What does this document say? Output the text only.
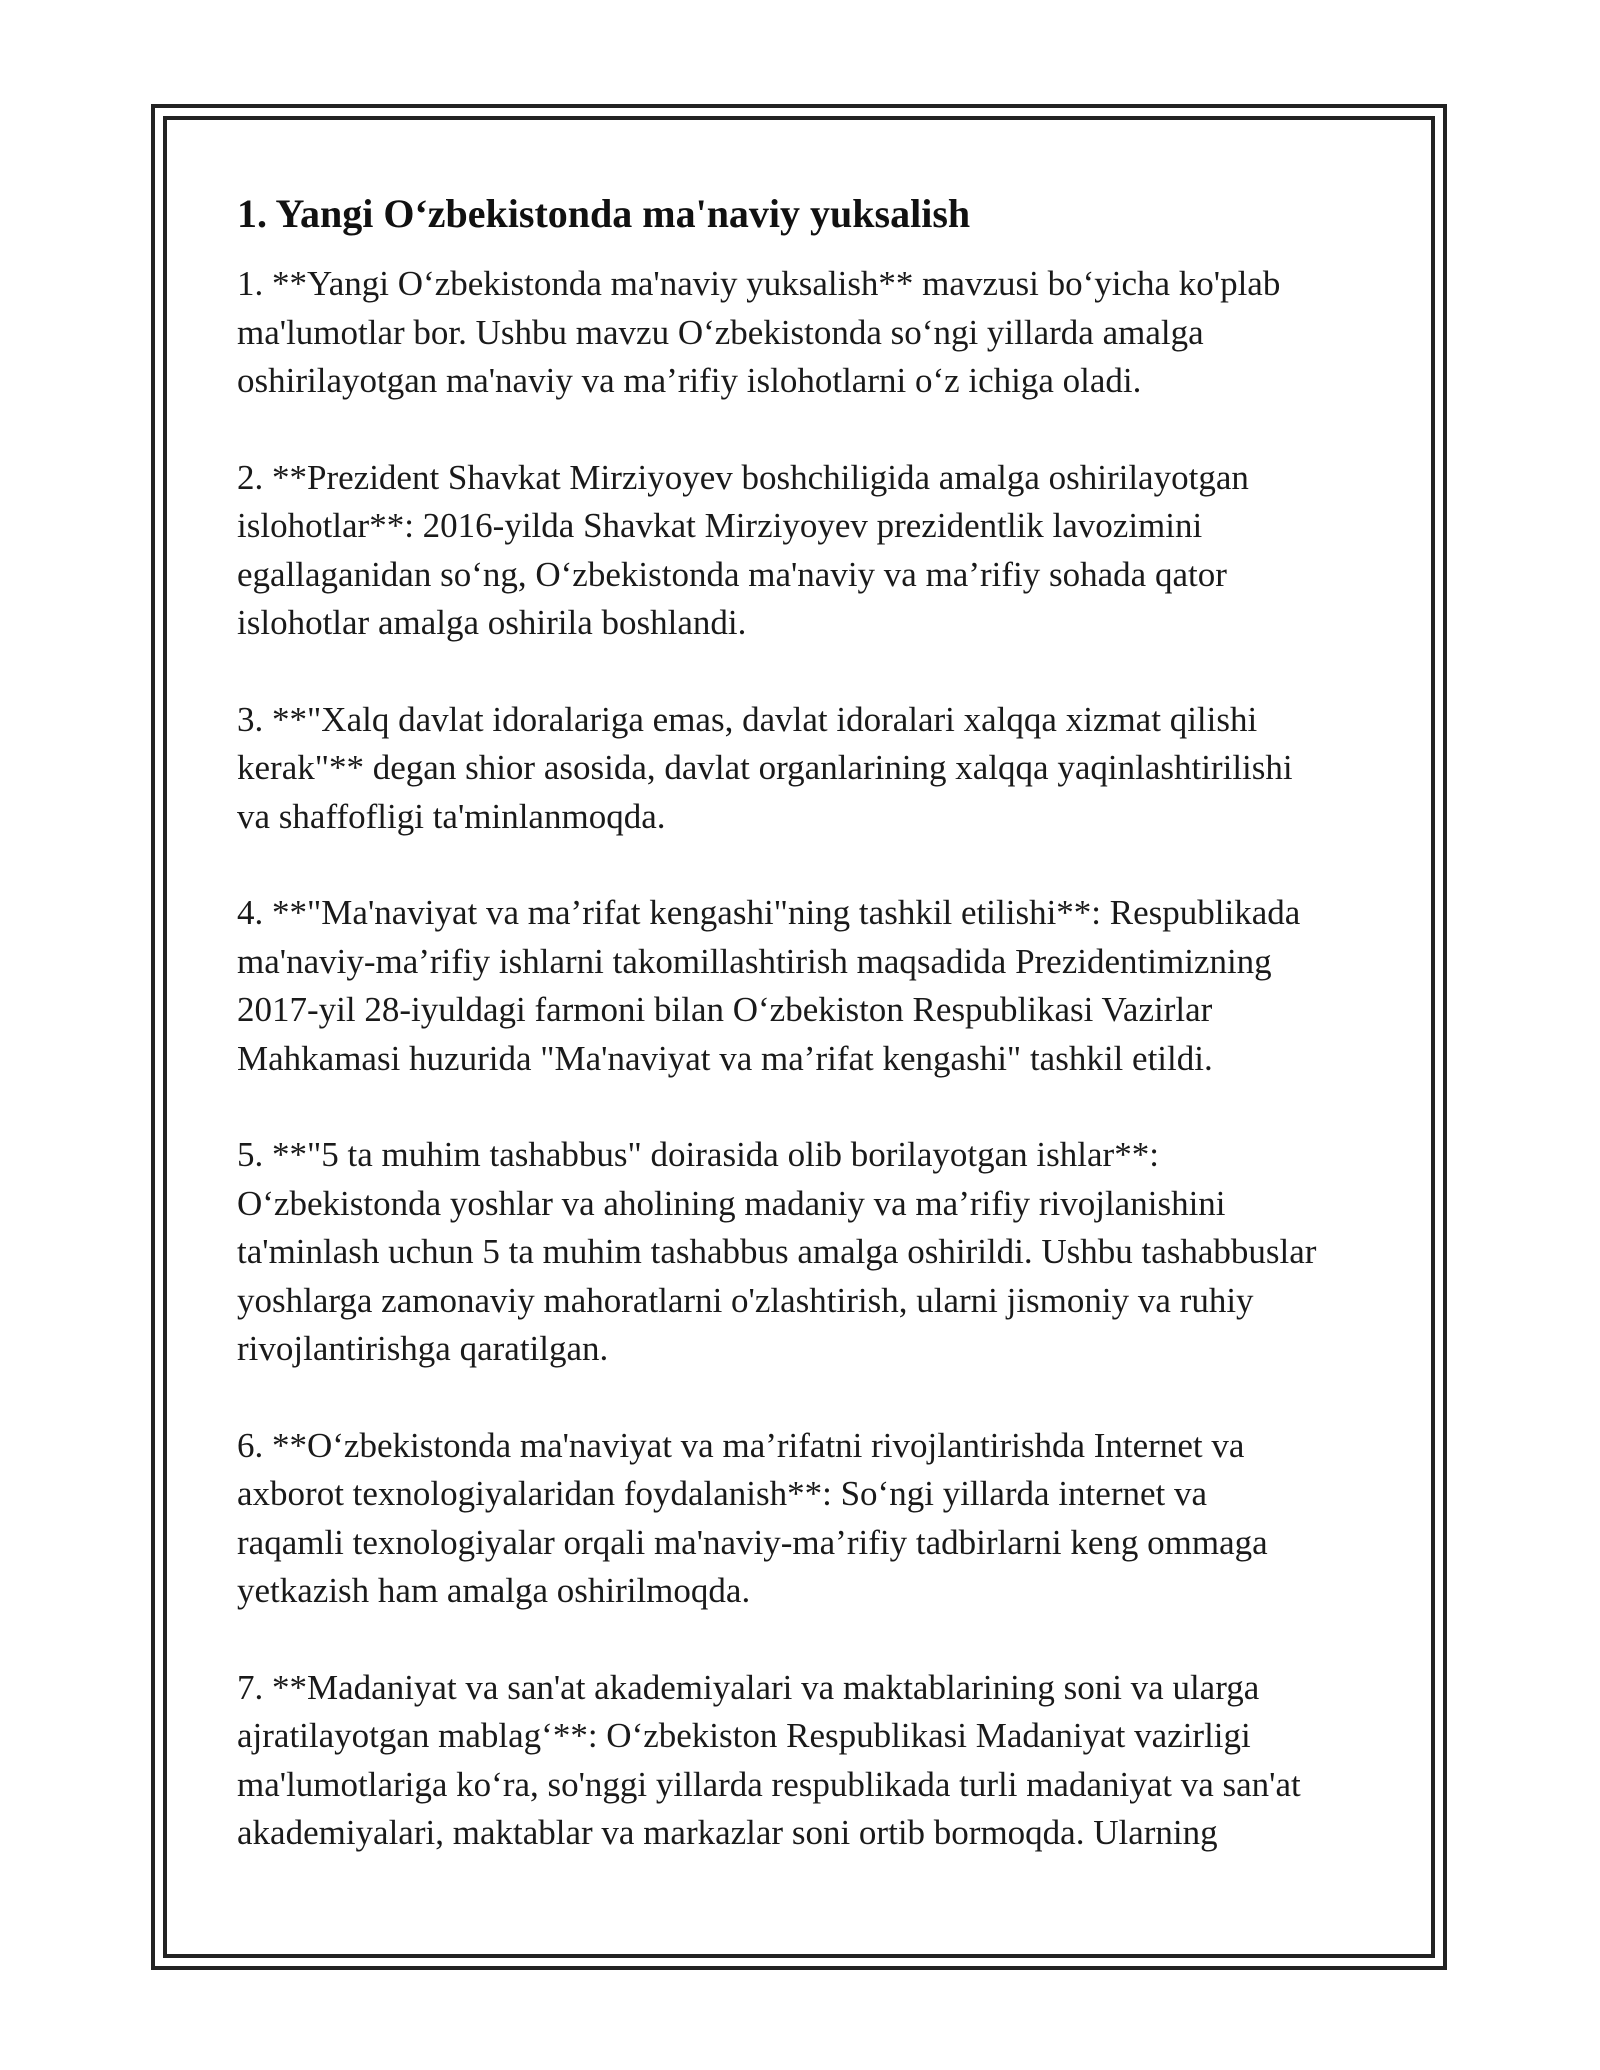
1. Yangi O‘zbekistonda ma'naviy yuksalish
1. **Yangi O‘zbekistonda ma'naviy yuksalish** mavzusi bo‘yicha ko'plab
ma'lumotlar bor. Ushbu mavzu O‘zbekistonda so‘ngi yillarda amalga
oshirilayotgan ma'naviy va ma’rifiy islohotlarni o‘z ichiga oladi.
2. **Prezident Shavkat Mirziyoyev boshchiligida amalga oshirilayotgan
islohotlar**: 2016-yilda Shavkat Mirziyoyev prezidentlik lavozimini
egallaganidan so‘ng, O‘zbekistonda ma'naviy va ma’rifiy sohada qator
islohotlar amalga oshirila boshlandi.
3. **"Xalq davlat idoralariga emas, davlat idoralari xalqqa xizmat qilishi
kerak"** degan shior asosida, davlat organlarining xalqqa yaqinlashtirilishi
va shaffofligi ta'minlanmoqda.
4. **"Ma'naviyat va ma’rifat kengashi"ning tashkil etilishi**: Respublikada
ma'naviy-ma’rifiy ishlarni takomillashtirish maqsadida Prezidentimizning
2017-yil 28-iyuldagi farmoni bilan O‘zbekiston Respublikasi Vazirlar
Mahkamasi huzurida "Ma'naviyat va ma’rifat kengashi" tashkil etildi.
5. **"5 ta muhim tashabbus" doirasida olib borilayotgan ishlar**:
O‘zbekistonda yoshlar va aholining madaniy va ma’rifiy rivojlanishini
ta'minlash uchun 5 ta muhim tashabbus amalga oshirildi. Ushbu tashabbuslar
yoshlarga zamonaviy mahoratlarni o'zlashtirish, ularni jismoniy va ruhiy
rivojlantirishga qaratilgan.
6. **O‘zbekistonda ma'naviyat va ma’rifatni rivojlantirishda Internet va
axborot texnologiyalaridan foydalanish**: So‘ngi yillarda internet va
raqamli texnologiyalar orqali ma'naviy-ma’rifiy tadbirlarni keng ommaga
yetkazish ham amalga oshirilmoqda.
7. **Madaniyat va san'at akademiyalari va maktablarining soni va ularga
ajratilayotgan mablag‘**: O‘zbekiston Respublikasi Madaniyat vazirligi
ma'lumotlariga ko‘ra, so'nggi yillarda respublikada turli madaniyat va san'at
akademiyalari, maktablar va markazlar soni ortib bormoqda. Ularning
